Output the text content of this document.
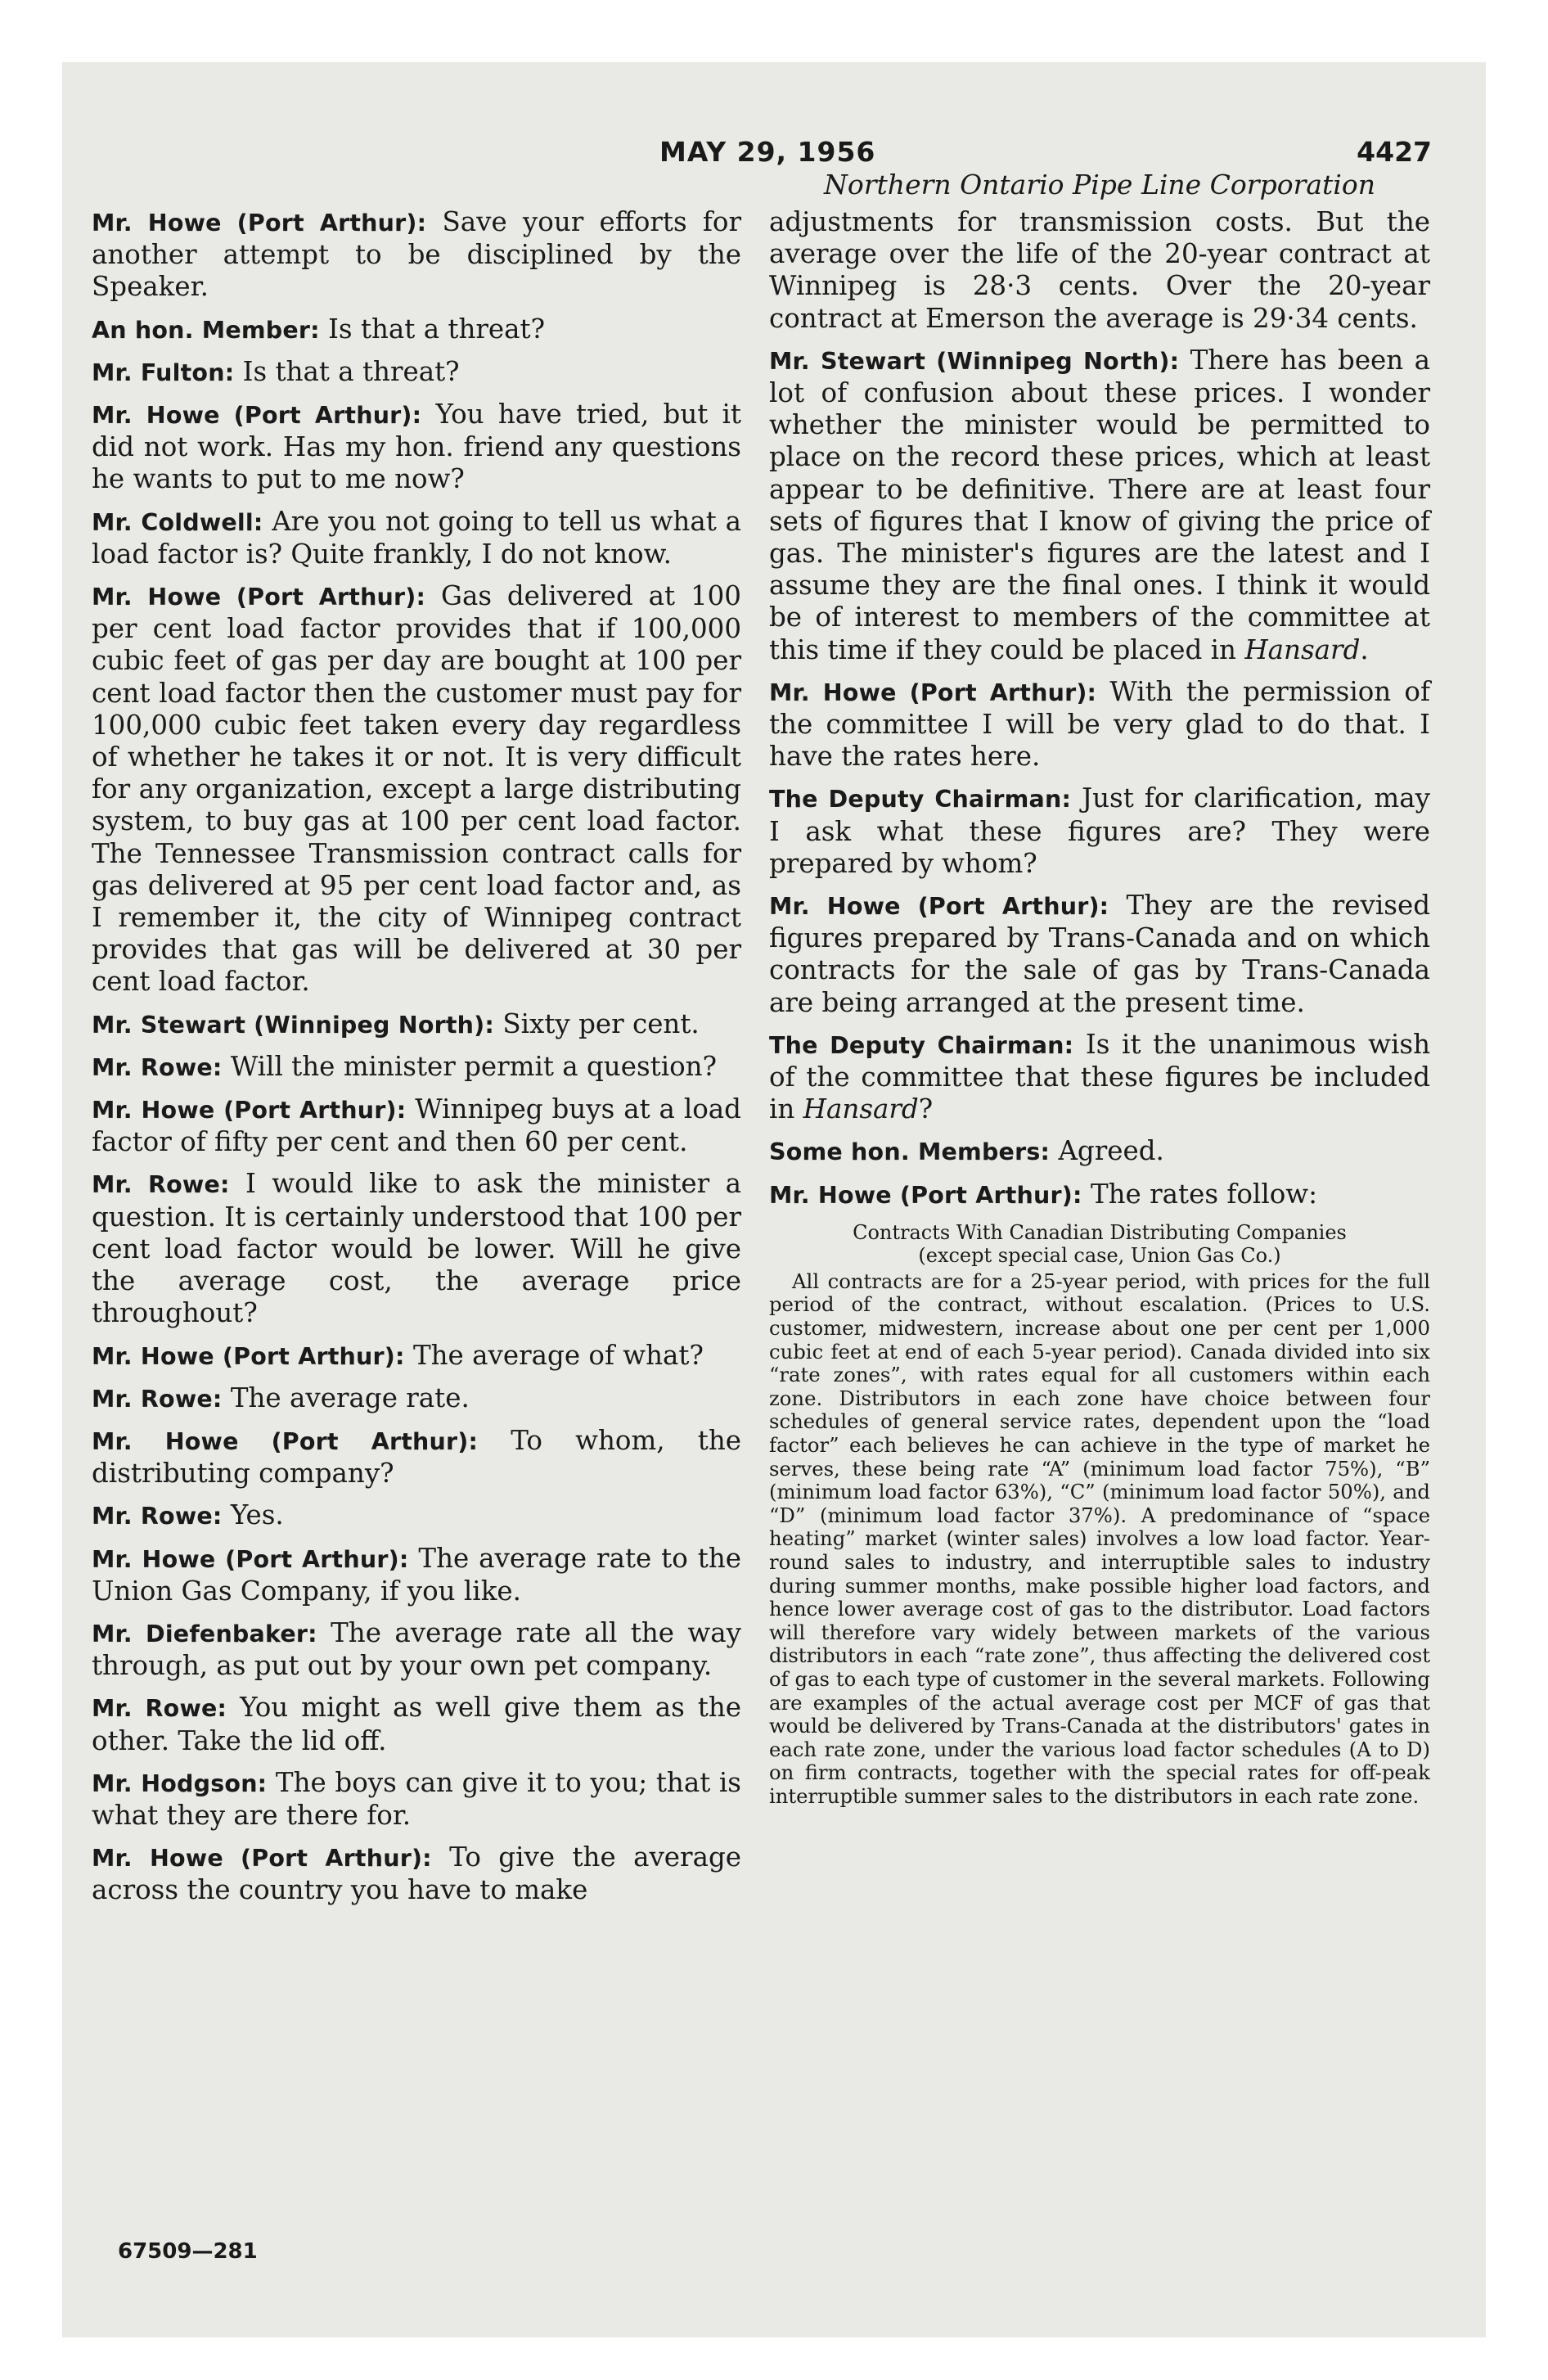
MAY 29, 1956	4427
Mr. Howe (Port Arthur): Save your efforts for another attempt to be disciplined by the Speaker.
An hon. Member: Is that a threat?
Mr. Fulton: Is that a threat?
Mr. Howe (Port Arthur): You have tried, but it did not work. Has my hon. friend any questions he wants to put to me now?
Mr. Coldwell: Are you not going to tell us what a load factor is? Quite frankly, I do not know.
Mr. Howe (Port Arthur): Gas delivered at 100 per cent load factor provides that if 100,000 cubic feet of gas per day are bought at 100 per cent load factor then the customer must pay for 100,000 cubic feet taken every day regardless of whether he takes it or not. It is very difficult for any organization, except a large distributing system, to buy gas at 100 per cent load factor. The Tennessee Transmission contract calls for gas delivered at 95 per cent load factor and, as I remember it, the city of Winnipeg contract provides that gas will be delivered at 30 per cent load factor.
Mr. Stewart (Winnipeg North): Sixty per cent.
Mr. Rowe: Will the minister permit a question?
Mr. Howe (Port Arthur): Winnipeg buys at a load factor of fifty per cent and then 60 per cent.
Mr. Rowe: I would like to ask the minister a question. It is certainly understood that 100 per cent load factor would be lower. Will he give the average cost, the average price throughout?
Mr. Howe (Port Arthur): The average of what?
Mr. Rowe: The average rate.
Mr. Howe (Port Arthur): To whom, the distributing company?
Mr. Rowe: Yes.
Mr. Howe (Port Arthur): The average rate to the Union Gas Company, if you like.
Mr. Diefenbaker: The average rate all the way through, as put out by your own pet company.
Mr. Rowe: You might as well give them as the other. Take the lid off.
Mr. Hodgson: The boys can give it to you; that is what they are there for.
Mr. Howe (Port Arthur): To give the average across the country you have to make
Northern Ontario Pipe Line Corporation
adjustments for transmission costs. But the average over the life of the 20-year contract at Winnipeg is 28·3 cents. Over the 20-year contract at Emerson the average is 29·34 cents.
Mr. Stewart (Winnipeg North): There has been a lot of confusion about these prices. I wonder whether the minister would be permitted to place on the record these prices, which at least appear to be definitive. There are at least four sets of figures that I know of giving the price of gas. The minister's figures are the latest and I assume they are the final ones. I think it would be of interest to members of the committee at this time if they could be placed in Hansard.
Mr. Howe (Port Arthur): With the permission of the committee I will be very glad to do that. I have the rates here.
The Deputy Chairman: Just for clarification, may I ask what these figures are? They were prepared by whom?
Mr. Howe (Port Arthur): They are the revised figures prepared by Trans-Canada and on which contracts for the sale of gas by Trans-Canada are being arranged at the present time.
The Deputy Chairman: Is it the unanimous wish of the committee that these figures be included in Hansard?
Some hon. Members: Agreed.
Mr. Howe (Port Arthur): The rates follow:
Contracts With Canadian Distributing Companies
(except special case, Union Gas Co.)

All contracts are for a 25-year period, with prices for the full period of the contract, without escalation. (Prices to U.S. customer, midwestern, increase about one per cent per 1,000 cubic feet at end of each 5-year period). Canada divided into six “rate zones”, with rates equal for all customers within each zone. Distributors in each zone have choice between four schedules of general service rates, dependent upon the “load factor” each believes he can achieve in the type of market he serves, these being rate “A” (minimum load factor 75%), “B” (minimum load factor 63%), “C” (minimum load factor 50%), and “D” (minimum load factor 37%). A predominance of “space heating” market (winter sales) involves a low load factor. Year-round sales to industry, and interruptible sales to industry during summer months, make possible higher load factors, and hence lower average cost of gas to the distributor. Load factors will therefore vary widely between markets of the various distributors in each “rate zone”, thus affecting the delivered cost of gas to each type of customer in the several markets. Following are examples of the actual average cost per MCF of gas that would be delivered by Trans-Canada at the distributors' gates in each rate zone, under the various load factor schedules (A to D) on firm contracts, together with the special rates for off-peak interruptible summer sales to the distributors in each rate zone.

67509—281
